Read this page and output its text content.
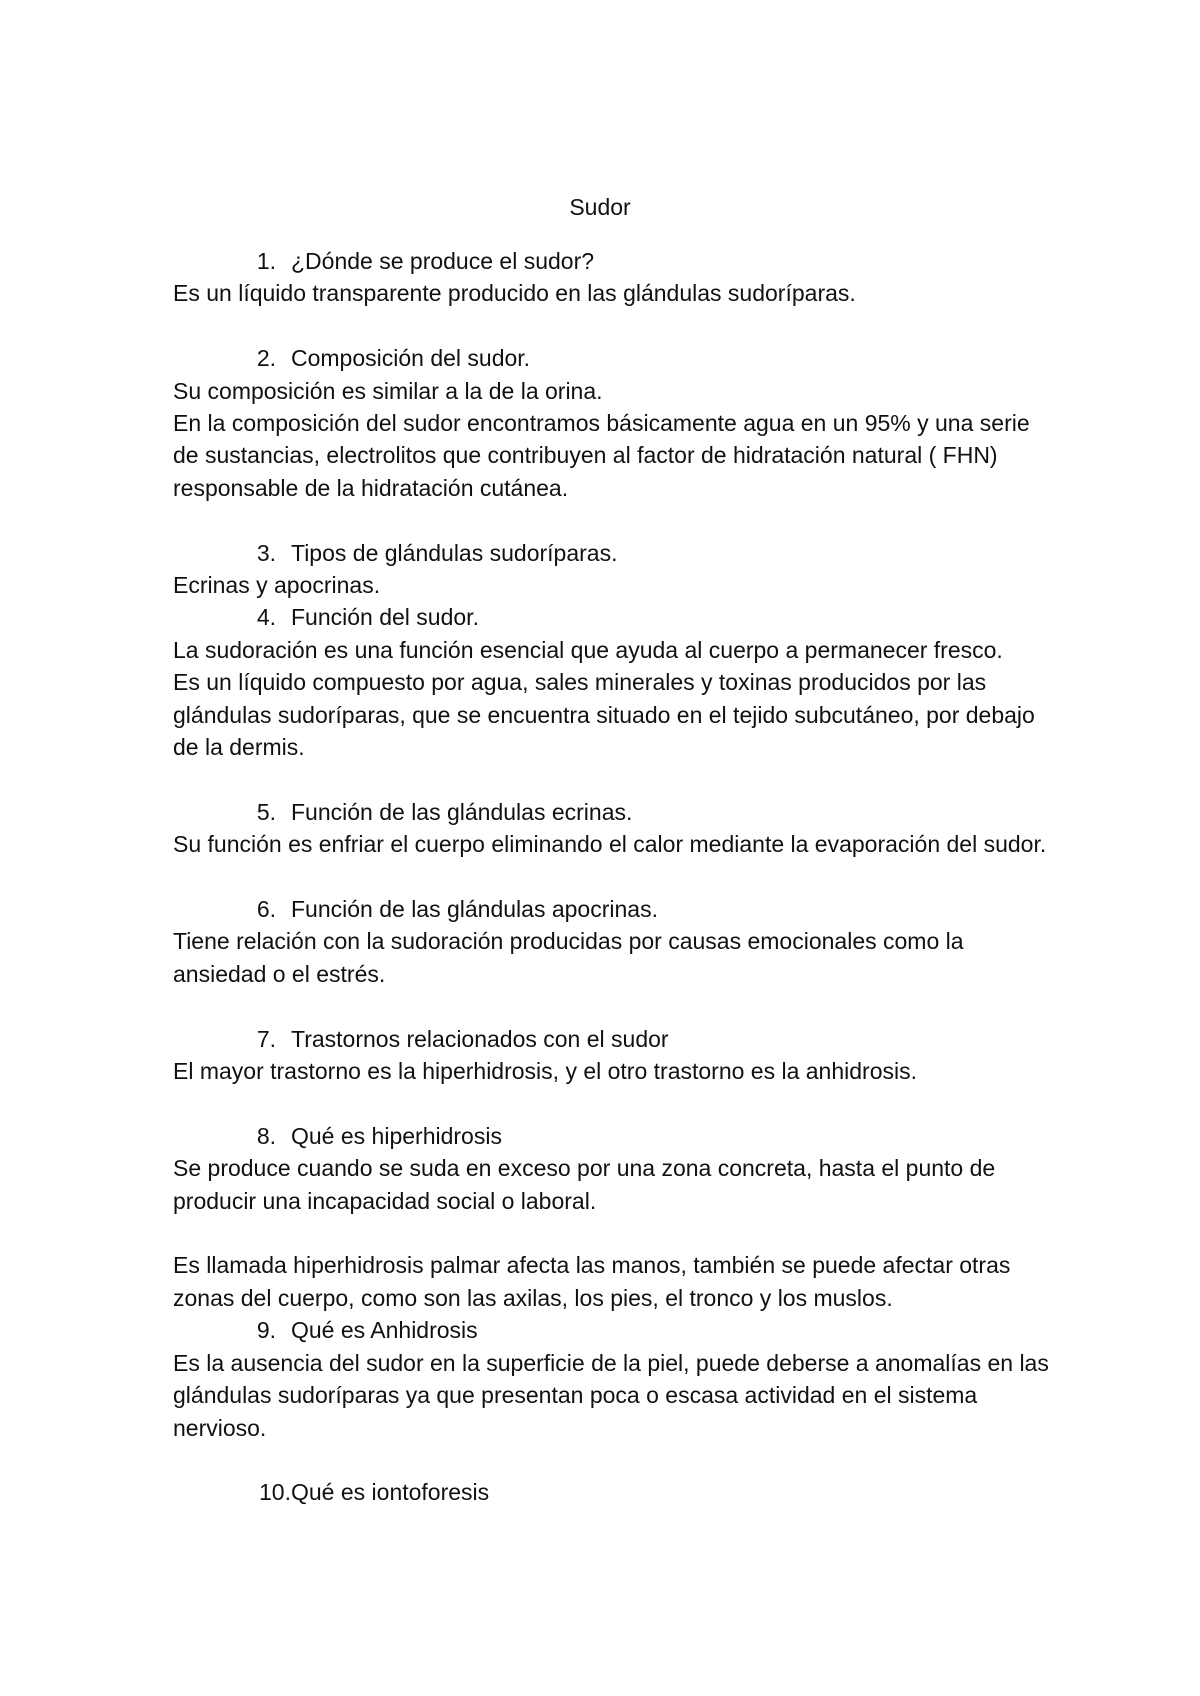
Sudor
1. ¿Dónde se produce el sudor?

Es un líquido transparente producido en las glándulas sudoríparas.

2. Composición del sudor.

Su composición es similar a la de la orina.

En la composición del sudor encontramos básicamente agua en un 95% y una serie de sustancias, electrolitos que contribuyen al factor de hidratación natural ( FHN) responsable de la hidratación cutánea.

3. Tipos de glándulas sudoríparas.

Ecrinas y apocrinas.

4. Función del sudor.

La sudoración es una función esencial que ayuda al cuerpo a permanecer fresco.

Es un líquido compuesto por agua, sales minerales y toxinas producidos por las glándulas sudoríparas, que se encuentra situado en el tejido subcutáneo, por debajo de la dermis.

5. Función de las glándulas ecrinas.

Su función es enfriar el cuerpo eliminando el calor mediante la evaporación del sudor.

6. Función de las glándulas apocrinas.

Tiene relación con la sudoración producidas por causas emocionales como la ansiedad o el estrés.

7. Trastornos relacionados con el sudor

El mayor trastorno es la hiperhidrosis, y el otro trastorno es la anhidrosis.

8. Qué es hiperhidrosis

Se produce cuando se suda en exceso por una zona concreta, hasta el punto de producir una incapacidad social o laboral.

Es llamada hiperhidrosis palmar afecta las manos, también se puede afectar otras zonas del cuerpo, como son las axilas, los pies, el tronco y los muslos.

9. Qué es Anhidrosis

Es la ausencia del sudor en la superficie de la piel, puede deberse a anomalías en las glándulas sudoríparas ya que presentan poca o escasa actividad en el sistema nervioso.

10. Qué es iontoforesis
